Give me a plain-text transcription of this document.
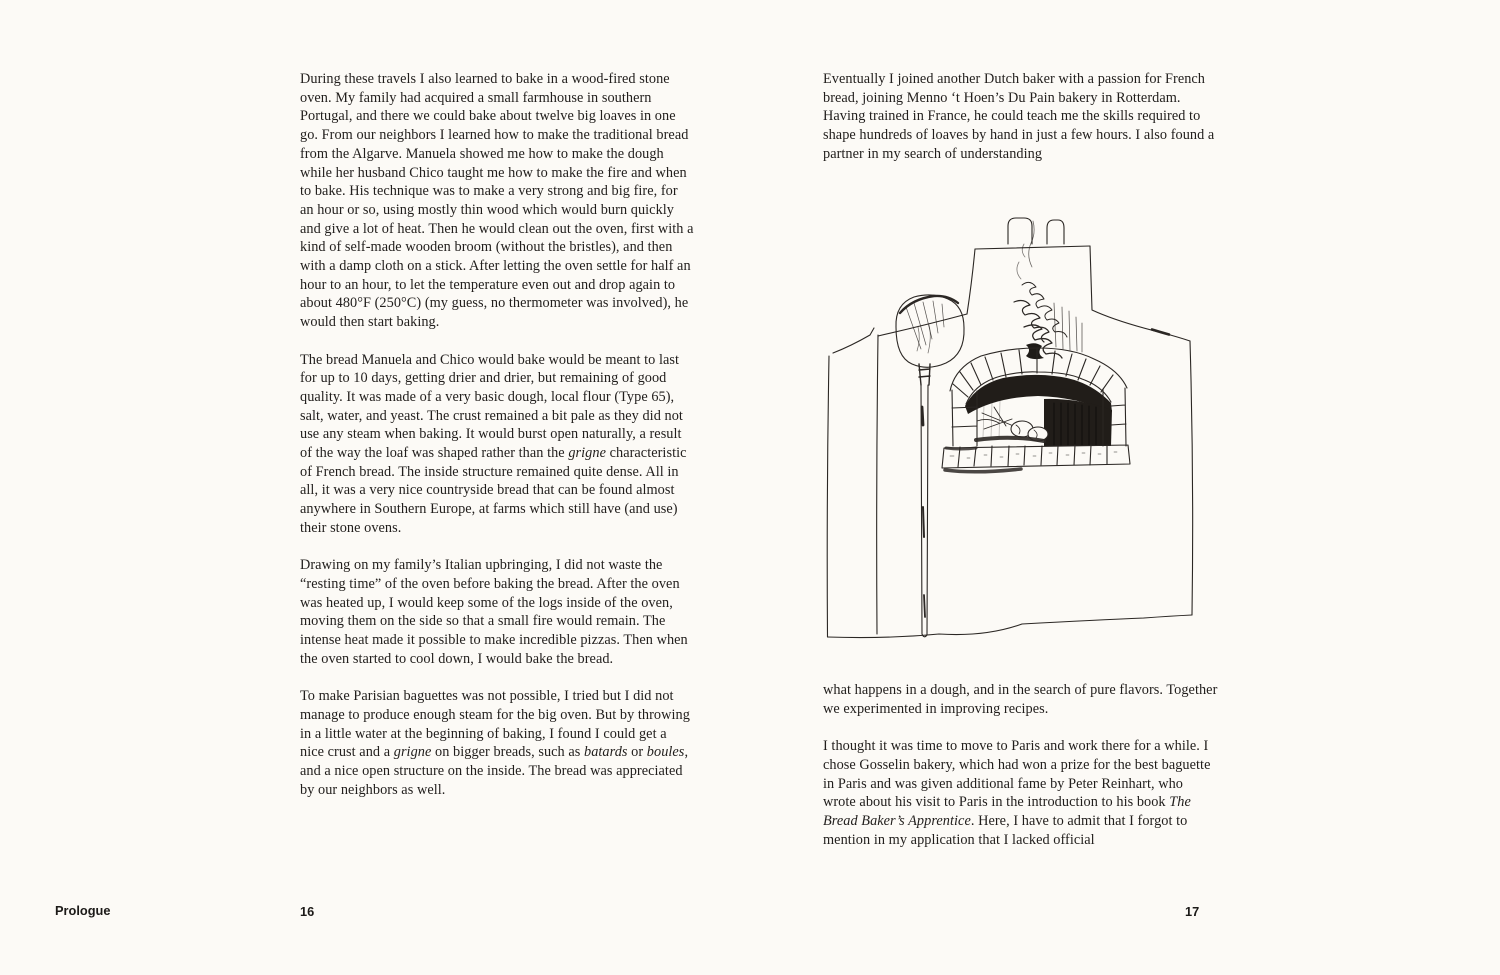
During these travels I also learned to bake in a wood-fired stone oven. My family had acquired a small farmhouse in southern Portugal, and there we could bake about twelve big loaves in one go. From our neighbors I learned how to make the traditional bread from the Algarve. Manuela showed me how to make the dough while her husband Chico taught me how to make the fire and when to bake. His technique was to make a very strong and big fire, for an hour or so, using mostly thin wood which would burn quickly and give a lot of heat. Then he would clean out the oven, first with a kind of self-made wooden broom (without the bristles), and then with a damp cloth on a stick. After letting the oven settle for half an hour to an hour, to let the temperature even out and drop again to about 480°F (250°C) (my guess, no thermometer was involved), he would then start baking.

The bread Manuela and Chico would bake would be meant to last for up to 10 days, getting drier and drier, but remaining of good quality. It was made of a very basic dough, local flour (Type 65), salt, water, and yeast. The crust remained a bit pale as they did not use any steam when baking. It would burst open naturally, a result of the way the loaf was shaped rather than the grigne characteristic of French bread. The inside structure remained quite dense. All in all, it was a very nice countryside bread that can be found almost anywhere in Southern Europe, at farms which still have (and use) their stone ovens.

Drawing on my family’s Italian upbringing, I did not waste the “resting time” of the oven before baking the bread. After the oven was heated up, I would keep some of the logs inside of the oven, moving them on the side so that a small fire would remain. The intense heat made it possible to make incredible pizzas. Then when the oven started to cool down, I would bake the bread.

To make Parisian baguettes was not possible, I tried but I did not manage to produce enough steam for the big oven. But by throwing in a little water at the beginning of baking, I found I could get a nice crust and a grigne on bigger breads, such as batards or boules, and a nice open structure on the inside. The bread was appreciated by our neighbors as well.

Eventually I joined another Dutch baker with a passion for French bread, joining Menno ‘t Hoen’s Du Pain bakery in Rotterdam. Having trained in France, he could teach me the skills required to shape hundreds of loaves by hand in just a few hours. I also found a partner in my search of understanding

what happens in a dough, and in the search of pure flavors. Together we experimented in improving recipes.

I thought it was time to move to Paris and work there for a while. I chose Gosselin bakery, which had won a prize for the best baguette in Paris and was given additional fame by Peter Reinhart, who wrote about his visit to Paris in the introduction to his book The Bread Baker’s Apprentice. Here, I have to admit that I forgot to mention in my application that I lacked official

Prologue	16	17
